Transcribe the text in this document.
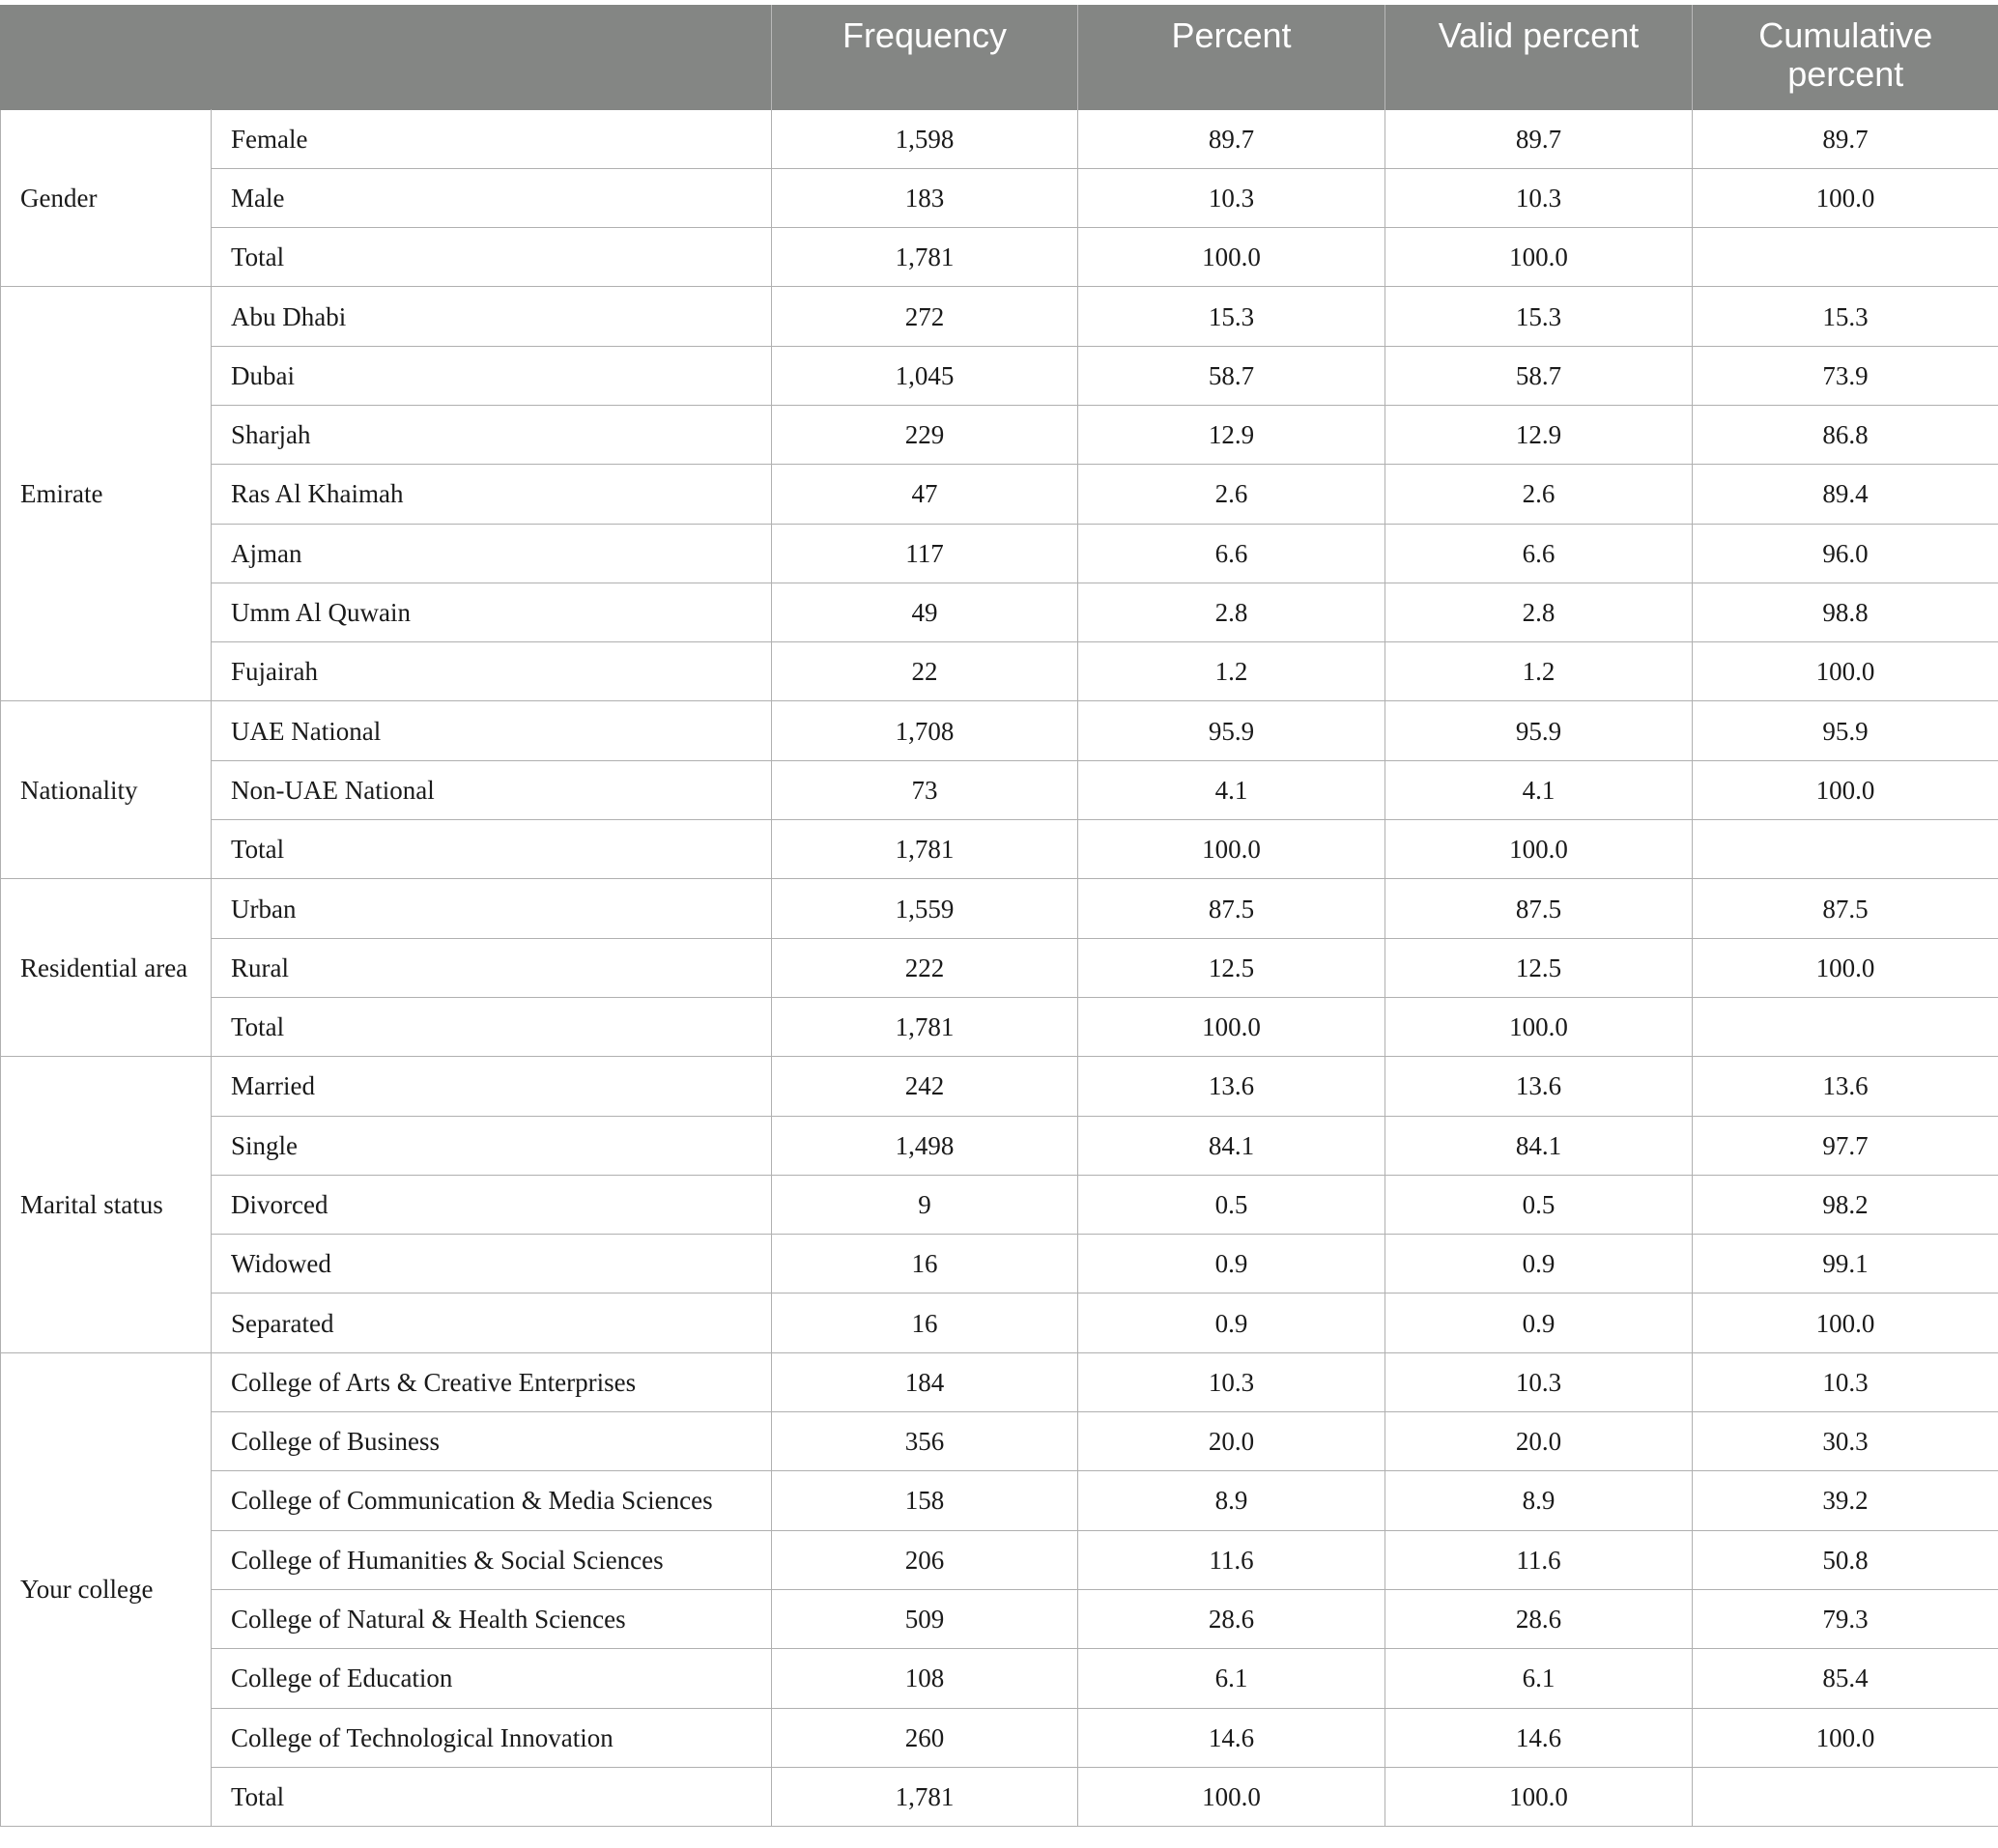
		Frequency	Percent	Valid percent	Cumulative percent
Gender	Female	1,598	89.7	89.7	89.7
	Male	183	10.3	10.3	100.0
	Total	1,781	100.0	100.0	
Emirate	Abu Dhabi	272	15.3	15.3	15.3
	Dubai	1,045	58.7	58.7	73.9
	Sharjah	229	12.9	12.9	86.8
	Ras Al Khaimah	47	2.6	2.6	89.4
	Ajman	117	6.6	6.6	96.0
	Umm Al Quwain	49	2.8	2.8	98.8
	Fujairah	22	1.2	1.2	100.0
Nationality	UAE National	1,708	95.9	95.9	95.9
	Non-UAE National	73	4.1	4.1	100.0
	Total	1,781	100.0	100.0	
Residential area	Urban	1,559	87.5	87.5	87.5
	Rural	222	12.5	12.5	100.0
	Total	1,781	100.0	100.0	
Marital status	Married	242	13.6	13.6	13.6
	Single	1,498	84.1	84.1	97.7
	Divorced	9	0.5	0.5	98.2
	Widowed	16	0.9	0.9	99.1
	Separated	16	0.9	0.9	100.0
Your college	College of Arts & Creative Enterprises	184	10.3	10.3	10.3
	College of Business	356	20.0	20.0	30.3
	College of Communication & Media Sciences	158	8.9	8.9	39.2
	College of Humanities & Social Sciences	206	11.6	11.6	50.8
	College of Natural & Health Sciences	509	28.6	28.6	79.3
	College of Education	108	6.1	6.1	85.4
	College of Technological Innovation	260	14.6	14.6	100.0
	Total	1,781	100.0	100.0	
